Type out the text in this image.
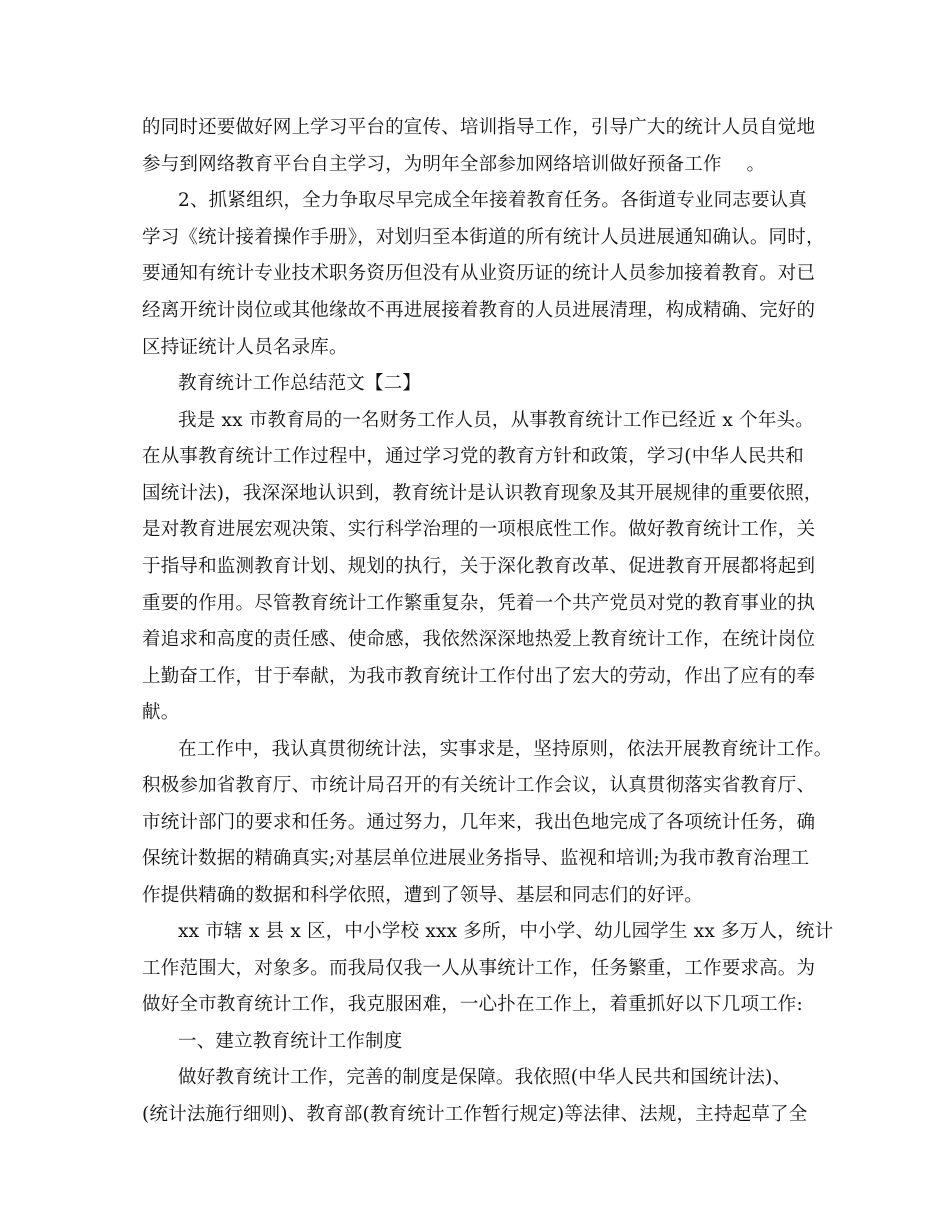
的同时还要做好网上学习平台的宣传、培训指导工作，引导广大的统计人员自觉地
参与到网络教育平台自主学习，为明年全部参加网络培训做好预备工作　 。
2、抓紧组织，全力争取尽早完成全年接着教育任务。各街道专业同志要认真
学习《统计接着操作手册》，对划归至本街道的所有统计人员进展通知确认。同时，
要通知有统计专业技术职务资历但没有从业资历证的统计人员参加接着教育。对已
经离开统计岗位或其他缘故不再进展接着教育的人员进展清理，构成精确、完好的
区持证统计人员名录库。
教育统计工作总结范文【二】
我是 xx 市教育局的一名财务工作人员，从事教育统计工作已经近 x 个年头。
在从事教育统计工作过程中，通过学习党的教育方针和政策，学习(中华人民共和
国统计法)，我深深地认识到，教育统计是认识教育现象及其开展规律的重要依照，
是对教育进展宏观决策、实行科学治理的一项根底性工作。做好教育统计工作，关
于指导和监测教育计划、规划的执行，关于深化教育改革、促进教育开展都将起到
重要的作用。尽管教育统计工作繁重复杂，凭着一个共产党员对党的教育事业的执
着追求和高度的责任感、使命感，我依然深深地热爱上教育统计工作，在统计岗位
上勤奋工作，甘于奉献，为我市教育统计工作付出了宏大的劳动，作出了应有的奉
献。
在工作中，我认真贯彻统计法，实事求是，坚持原则，依法开展教育统计工作。
积极参加省教育厅、市统计局召开的有关统计工作会议，认真贯彻落实省教育厅、
市统计部门的要求和任务。通过努力，几年来，我出色地完成了各项统计任务，确
保统计数据的精确真实;对基层单位进展业务指导、监视和培训;为我市教育治理工
作提供精确的数据和科学依照，遭到了领导、基层和同志们的好评。
xx 市辖 x 县 x 区，中小学校 xxx 多所，中小学、幼儿园学生 xx 多万人，统计
工作范围大，对象多。而我局仅我一人从事统计工作，任务繁重，工作要求高。为
做好全市教育统计工作，我克服困难，一心扑在工作上，着重抓好以下几项工作:
一、建立教育统计工作制度
做好教育统计工作，完善的制度是保障。我依照(中华人民共和国统计法)、
(统计法施行细则)、教育部(教育统计工作暂行规定)等法律、法规，主持起草了全
